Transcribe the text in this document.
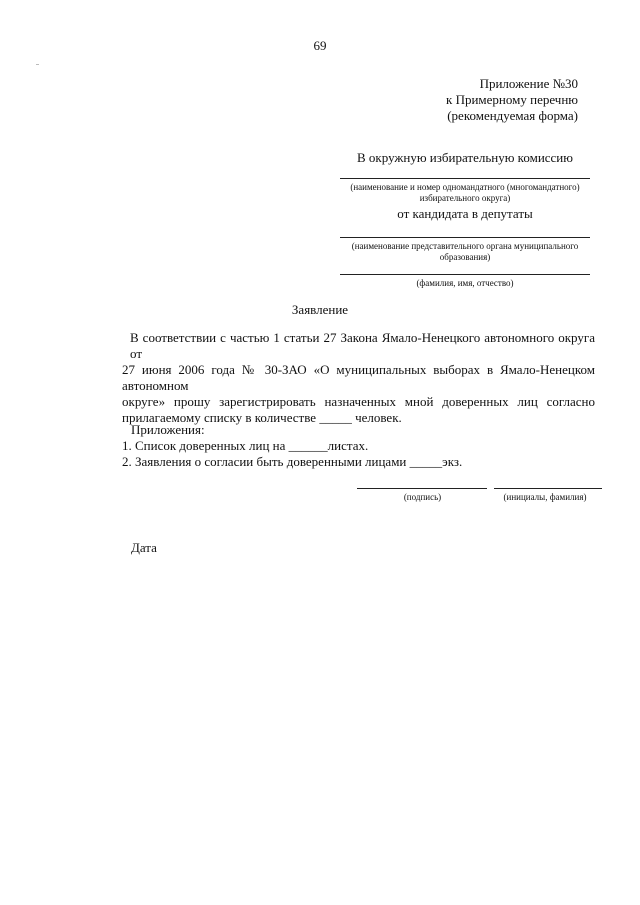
69
Приложение №30
к Примерному перечню
(рекомендуемая форма)
В окружную избирательную комиссию
(наименование и номер одномандатного (многомандатного) избирательного округа)
от кандидата в депутаты
(наименование представительного органа муниципального образования)
(фамилия, имя, отчество)
Заявление
В соответствии с частью 1 статьи 27 Закона Ямало-Ненецкого автономного округа от
27 июня 2006 года № 30-ЗАО «О муниципальных выборах в Ямало-Ненецком автономном
округе» прошу зарегистрировать назначенных мной доверенных лиц согласно
прилагаемому списку в количестве _____ человек.
Приложения:
1. Список доверенных лиц на ______листах.
2. Заявления о согласии быть доверенными лицами _____экз.
(подпись)	(инициалы, фамилия)
Дата
